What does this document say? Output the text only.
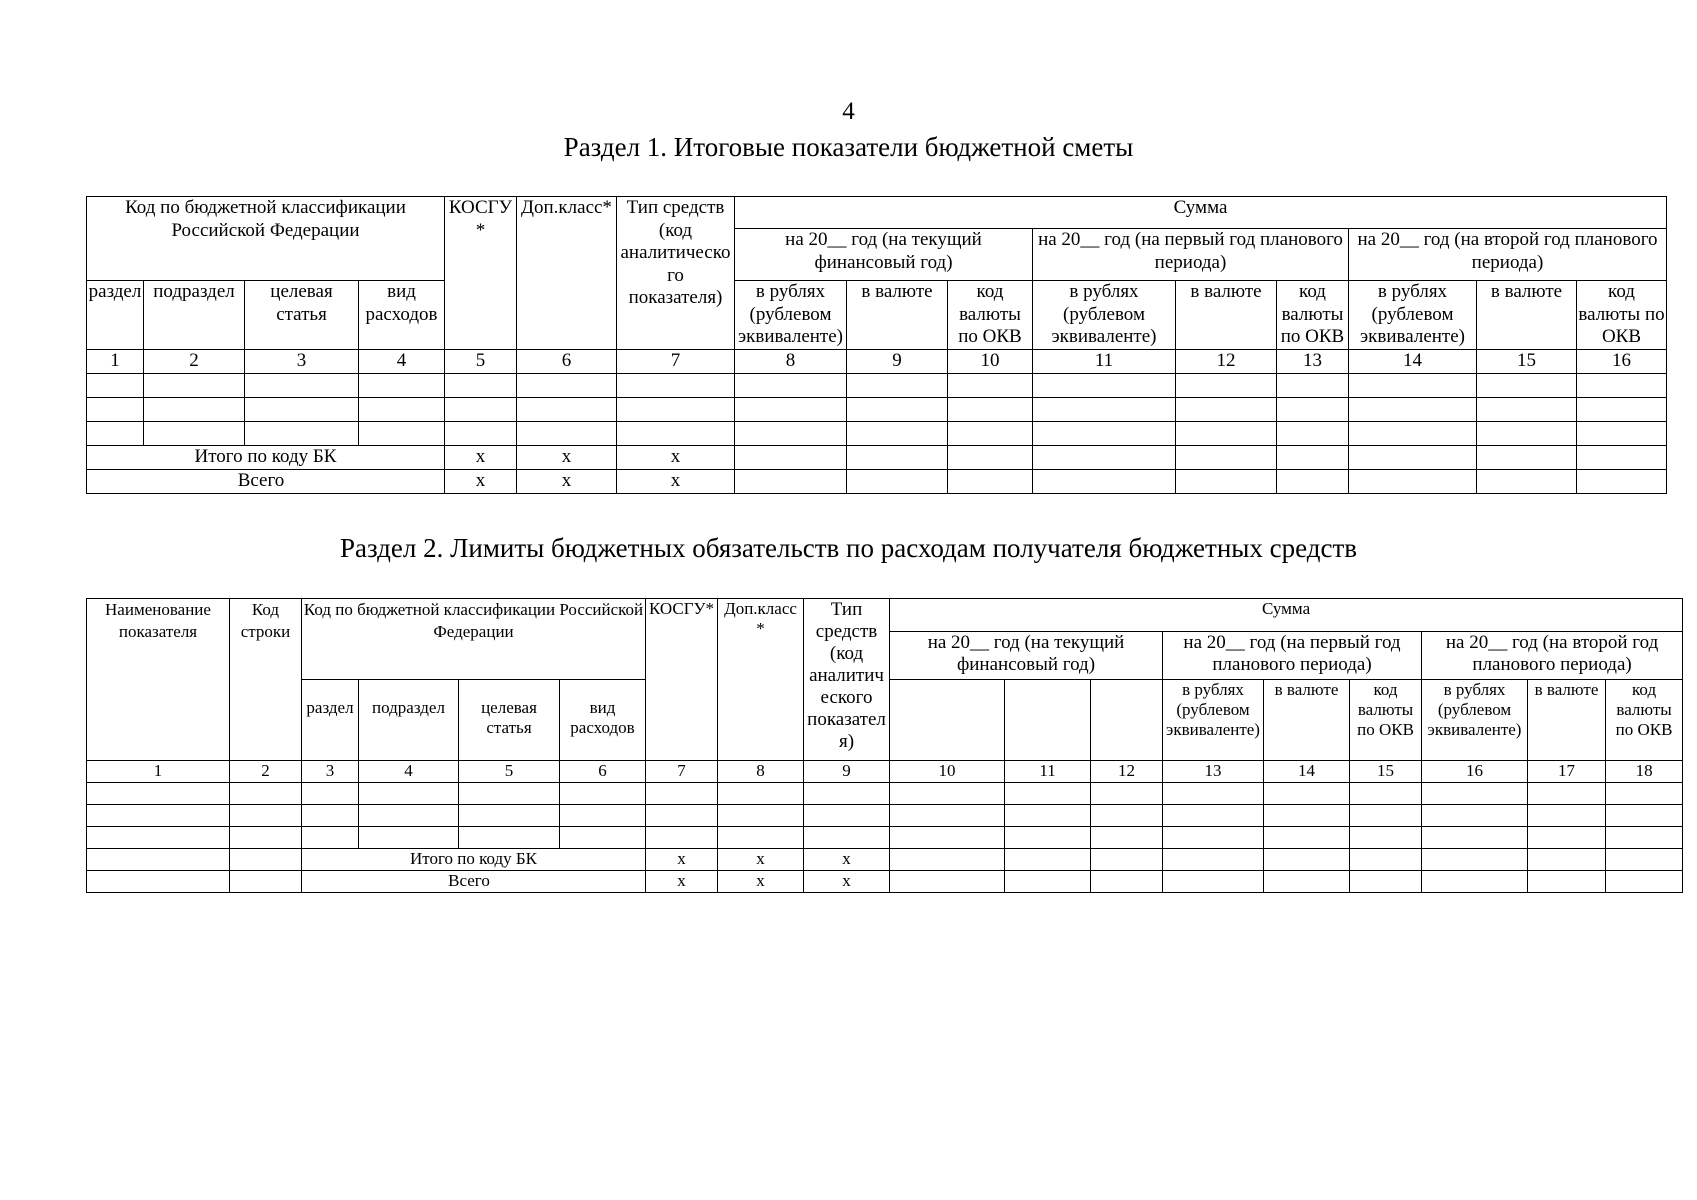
4
Раздел 1. Итоговые показатели бюджетной сметы
Код по бюджетной классификации Российской Федерации				КОСГУ *	Доп.класс*	Тип средств (код аналитическо го показателя)	Сумма								
							на 20__ год (на текущий финансовый год)			на 20__ год (на первый год планового периода)			на 20__ год (на второй год планового периода)		
раздел	подраздел	целевая статья	вид расходов				в рублях (рублевом эквиваленте)	в валюте	код валюты по ОКВ	в рублях (рублевом эквиваленте)	в валюте	код валюты по ОКВ	в рублях (рублевом эквиваленте)	в валюте	код валюты по ОКВ
1	2	3	4	5	6	7	8	9	10	11	12	13	14	15	16

Итого по коду БК				x	x	x									
Всего				x	x	x									
Раздел 2. Лимиты бюджетных обязательств по расходам получателя бюджетных средств
Наименование показателя	Код строки	Код по бюджетной классификации Российской Федерации				КОСГУ*	Доп.класс *	Тип средств (код аналитич еского показател я)	Сумма								
									на 20__ год (на текущий финансовый год)			на 20__ год (на первый год планового периода)			на 20__ год (на второй год планового периода)		
		раздел	подраздел	целевая статья	вид расходов							в рублях (рублевом эквиваленте)	в валюте	код валюты по ОКВ	в рублях (рублевом эквиваленте)	в валюте	код валюты по ОКВ
1	2	3	4	5	6	7	8	9	10	11	12	13	14	15	16	17	18

		Итого по коду БК				x	x	x									
		Всего				x	x	x									
